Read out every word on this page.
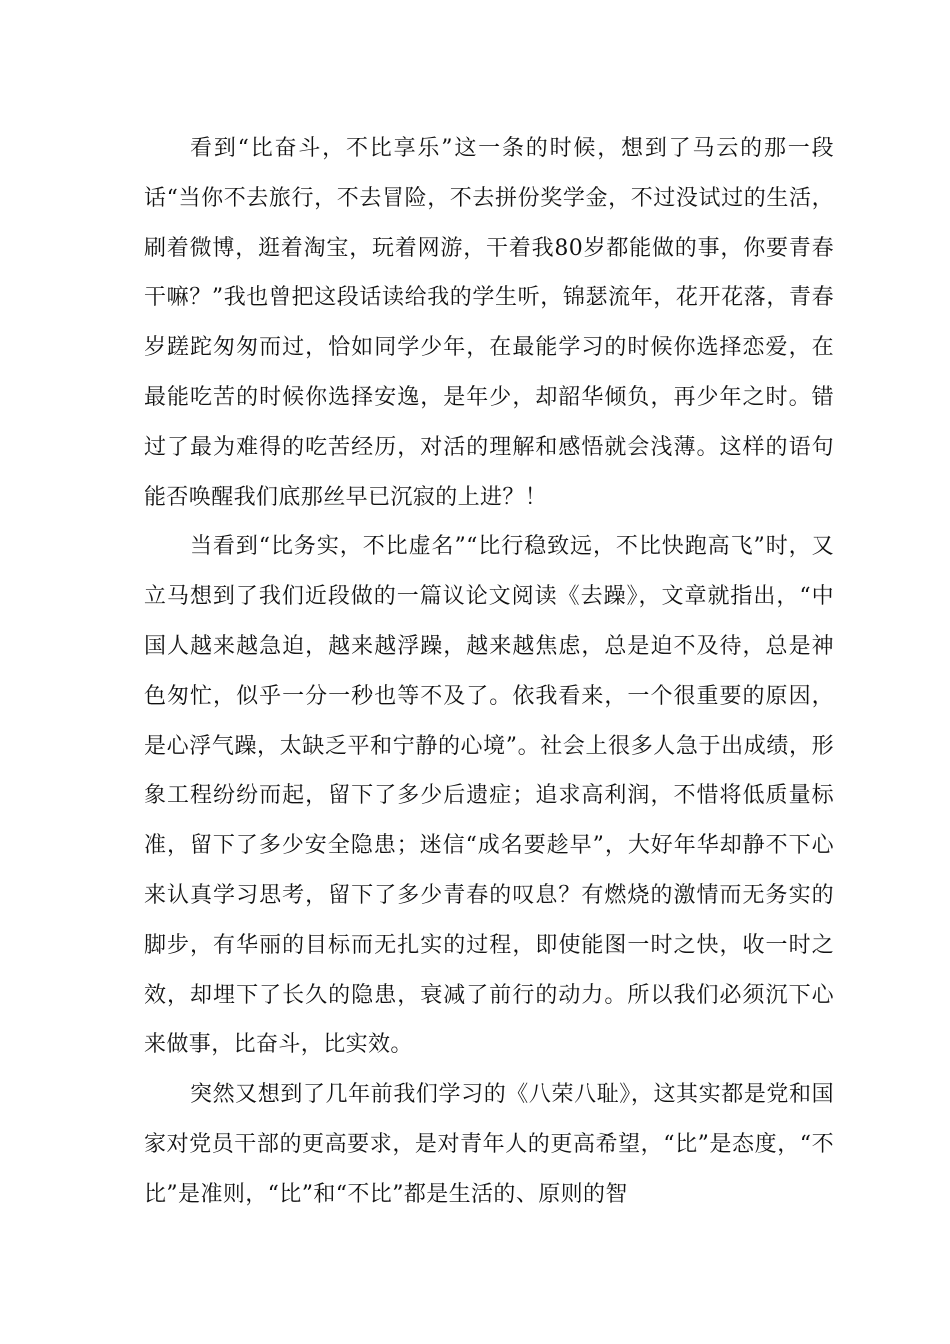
看到“比奋斗，不比享乐”这一条的时候，想到了马云的那一段话“当你不去旅行，不去冒险，不去拼份奖学金，不过没试过的生活，刷着微博，逛着淘宝，玩着网游，干着我80岁都能做的事，你要青春干嘛？”我也曾把这段话读给我的学生听，锦瑟流年，花开花落，青春岁蹉跎匆匆而过，恰如同学少年，在最能学习的时候你选择恋爱，在最能吃苦的时候你选择安逸，是年少，却韶华倾负，再少年之时。错过了最为难得的吃苦经历，对活的理解和感悟就会浅薄。这样的语句能否唤醒我们底那丝早已沉寂的上进？！

当看到“比务实，不比虚名”“比行稳致远，不比快跑高飞”时，又立马想到了我们近段做的一篇议论文阅读《去躁》，文章就指出，“中国人越来越急迫，越来越浮躁，越来越焦虑，总是迫不及待，总是神色匆忙，似乎一分一秒也等不及了。依我看来，一个很重要的原因，是心浮气躁，太缺乏平和宁静的心境”。社会上很多人急于出成绩，形象工程纷纷而起，留下了多少后遗症；追求高利润，不惜将低质量标准，留下了多少安全隐患；迷信“成名要趁早”，大好年华却静不下心来认真学习思考，留下了多少青春的叹息？有燃烧的激情而无务实的脚步，有华丽的目标而无扎实的过程，即使能图一时之快，收一时之效，却埋下了长久的隐患，衰减了前行的动力。所以我们必须沉下心来做事，比奋斗，比实效。

突然又想到了几年前我们学习的《八荣八耻》，这其实都是党和国家对党员干部的更高要求，是对青年人的更高希望，“比”是态度，“不比”是准则，“比”和“不比”都是生活的、原则的智
